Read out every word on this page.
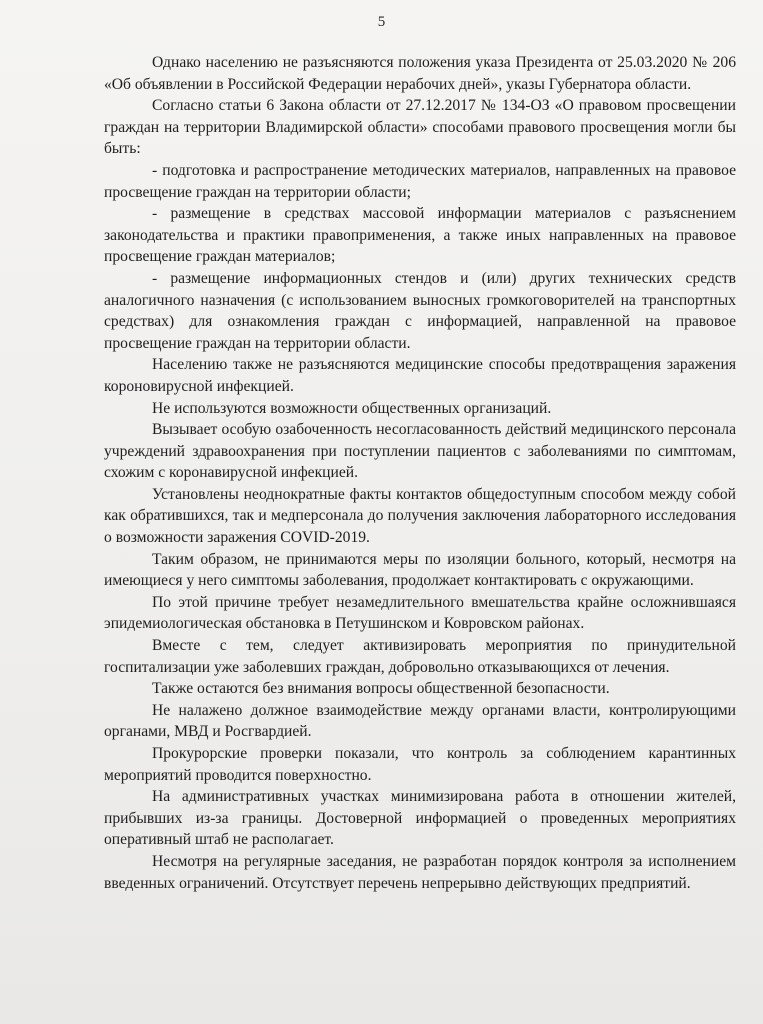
5

Однако населению не разъясняются положения указа Президента от 25.03.2020 № 206 «Об объявлении в Российской Федерации нерабочих дней», указы Губернатора области.

Согласно статьи 6 Закона области от 27.12.2017 № 134-ОЗ «О правовом просвещении граждан на территории Владимирской области» способами правового просвещения могли бы быть:

- подготовка и распространение методических материалов, направленных на правовое просвещение граждан на территории области;

- размещение в средствах массовой информации материалов с разъяснением законодательства и практики правоприменения, а также иных направленных на правовое просвещение граждан материалов;

- размещение информационных стендов и (или) других технических средств аналогичного назначения (с использованием выносных громкоговорителей на транспортных средствах) для ознакомления граждан с информацией, направленной на правовое просвещение граждан на территории области.

Населению также не разъясняются медицинские способы предотвращения заражения короновирусной инфекцией.

Не используются возможности общественных организаций.

Вызывает особую озабоченность несогласованность действий медицинского персонала учреждений здравоохранения при поступлении пациентов с заболеваниями по симптомам, схожим с коронавирусной инфекцией.

Установлены неоднократные факты контактов общедоступным способом между собой как обратившихся, так и медперсонала до получения заключения лабораторного исследования о возможности заражения COVID-2019.

Таким образом, не принимаются меры по изоляции больного, который, несмотря на имеющиеся у него симптомы заболевания, продолжает контактировать с окружающими.

По этой причине требует незамедлительного вмешательства крайне осложнившаяся эпидемиологическая обстановка в Петушинском и Ковровском районах.

Вместе с тем, следует активизировать мероприятия по принудительной госпитализации уже заболевших граждан, добровольно отказывающихся от лечения.

Также остаются без внимания вопросы общественной безопасности.

Не налажено должное взаимодействие между органами власти, контролирующими органами, МВД и Росгвардией.

Прокурорские проверки показали, что контроль за соблюдением карантинных мероприятий проводится поверхностно.

На административных участках минимизирована работа в отношении жителей, прибывших из-за границы. Достоверной информацией о проведенных мероприятиях оперативный штаб не располагает.

Несмотря на регулярные заседания, не разработан порядок контроля за исполнением введенных ограничений. Отсутствует перечень непрерывно действующих предприятий.
